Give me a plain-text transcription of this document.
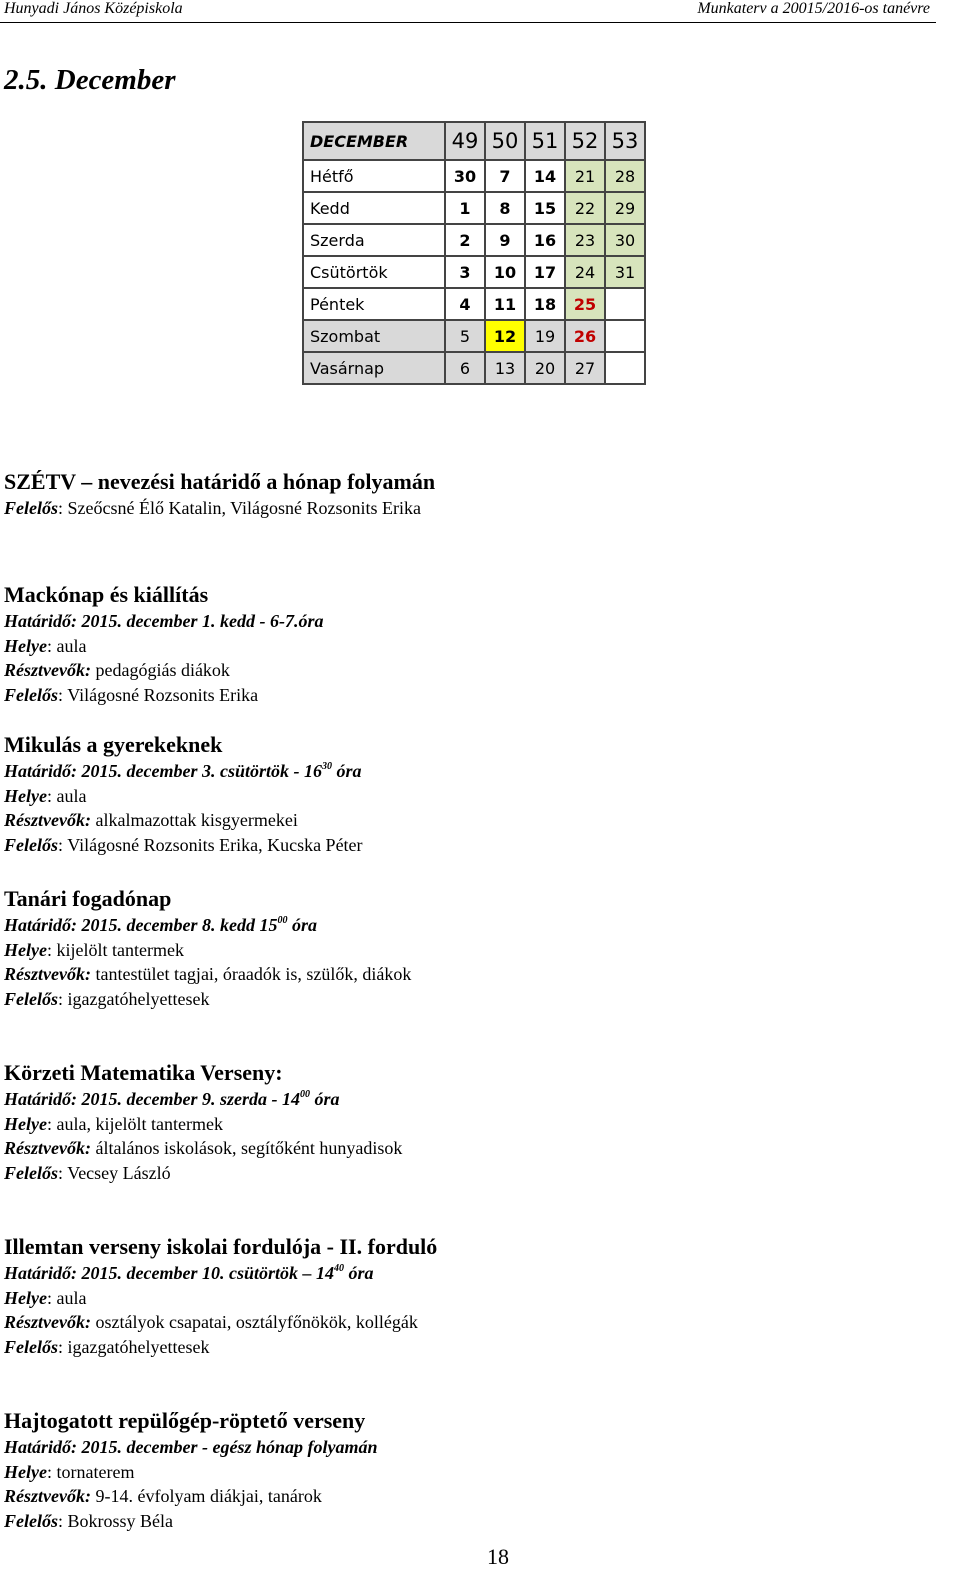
Hunyadi János Középiskola	Munkaterv a 20015/2016-os tanévre
2.5. December
DECEMBER	49	50	51	52	53
Hétfő	30	7	14	21	28
Kedd	1	8	15	22	29
Szerda	2	9	16	23	30
Csütörtök	3	10	17	24	31
Péntek	4	11	18	25	
Szombat	5	12	19	26	
Vasárnap	6	13	20	27	
SZÉTV – nevezési határidő a hónap folyamán
Felelős: Szeőcsné Élő Katalin, Világosné Rozsonits Erika
Mackónap és kiállítás
Határidő: 2015. december 1. kedd - 6-7.óra
Helye: aula
Résztvevők: pedagógiás diákok
Felelős: Világosné Rozsonits Erika
Mikulás a gyerekeknek
Határidő: 2015. december 3. csütörtök - $16^{30}$ óra
Helye: aula
Résztvevők: alkalmazottak kisgyermekei
Felelős: Világosné Rozsonits Erika, Kucska Péter
Tanári fogadónap
Határidő: 2015. december 8. kedd $15^{00}$ óra
Helye: kijelölt tantermek
Résztvevők: tantestület tagjai, óraadók is, szülők, diákok
Felelős: igazgatóhelyettesek
Körzeti Matematika Verseny:
Határidő: 2015. december 9. szerda - $14^{00}$ óra
Helye: aula, kijelölt tantermek
Résztvevők: általános iskolások, segítőként hunyadisok
Felelős: Vecsey László
Illemtan verseny iskolai fordulója - II. forduló
Határidő: 2015. december 10. csütörtök – $14^{40}$ óra
Helye: aula
Résztvevők: osztályok csapatai, osztályfőnökök, kollégák
Felelős: igazgatóhelyettesek
Hajtogatott repülőgép-röptető verseny
Határidő: 2015. december - egész hónap folyamán
Helye: tornaterem
Résztvevők: 9-14. évfolyam diákjai, tanárok
Felelős: Bokrossy Béla
18
